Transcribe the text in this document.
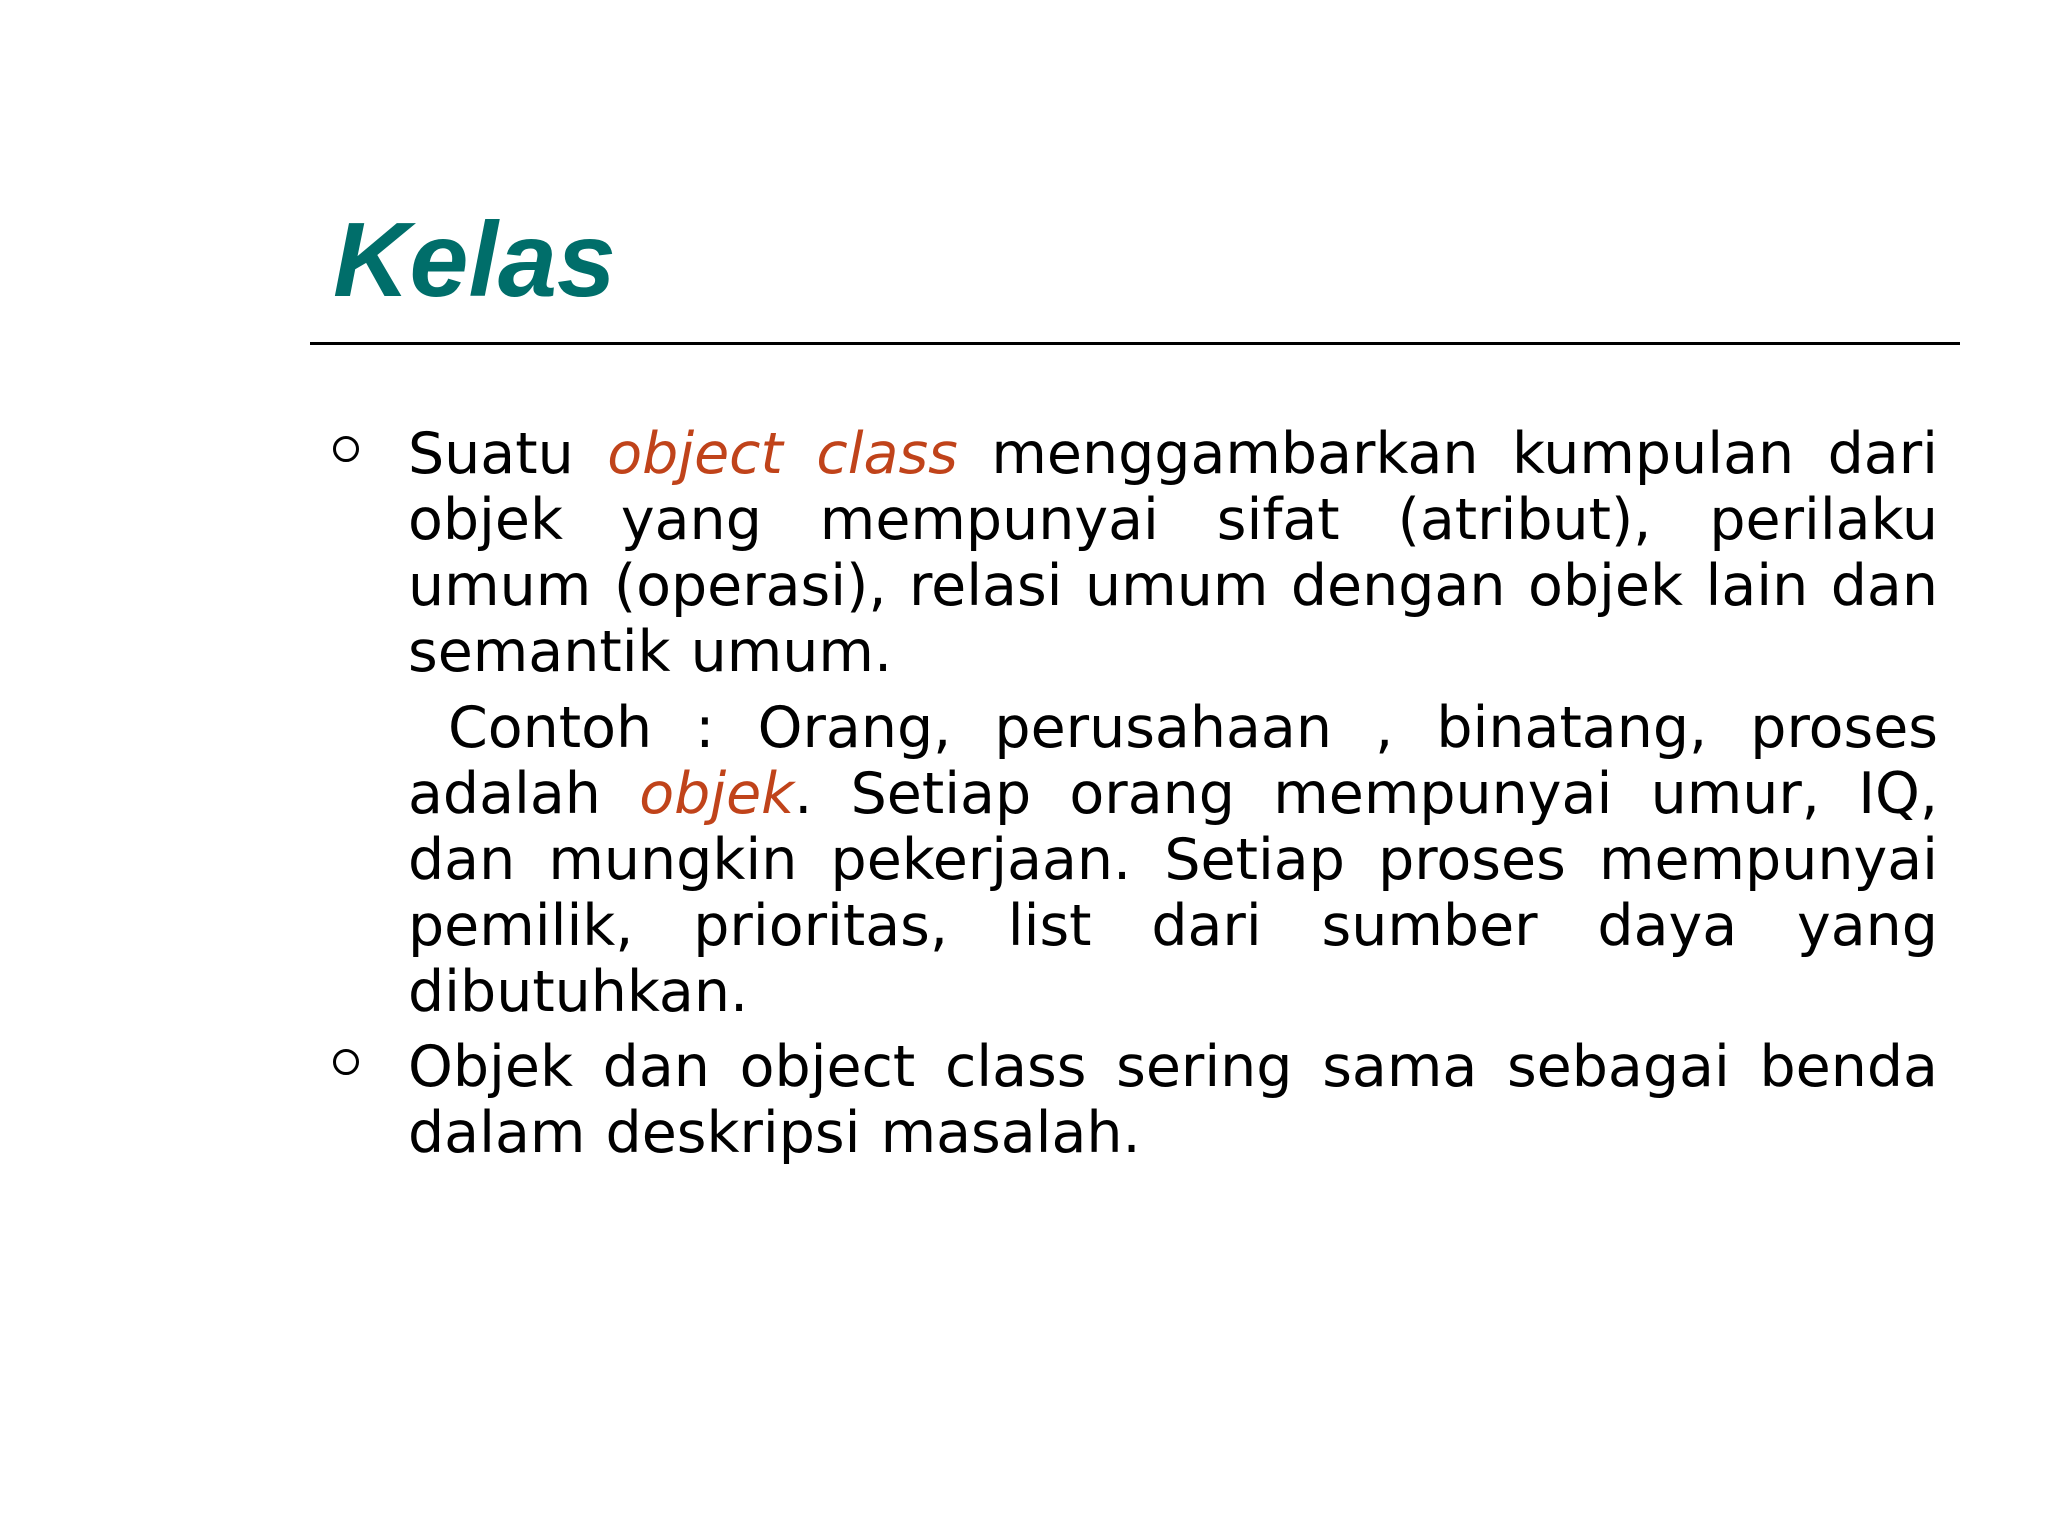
Kelas

Suatu object class menggambarkan kumpulan dari objek yang mempunyai sifat (atribut), perilaku umum (operasi), relasi umum dengan objek lain dan semantik umum.

Contoh : Orang, perusahaan , binatang, proses adalah objek. Setiap orang mempunyai umur, IQ, dan mungkin pekerjaan. Setiap proses mempunyai pemilik, prioritas, list dari sumber daya yang dibutuhkan.

Objek dan object class sering sama sebagai benda dalam deskripsi masalah.
